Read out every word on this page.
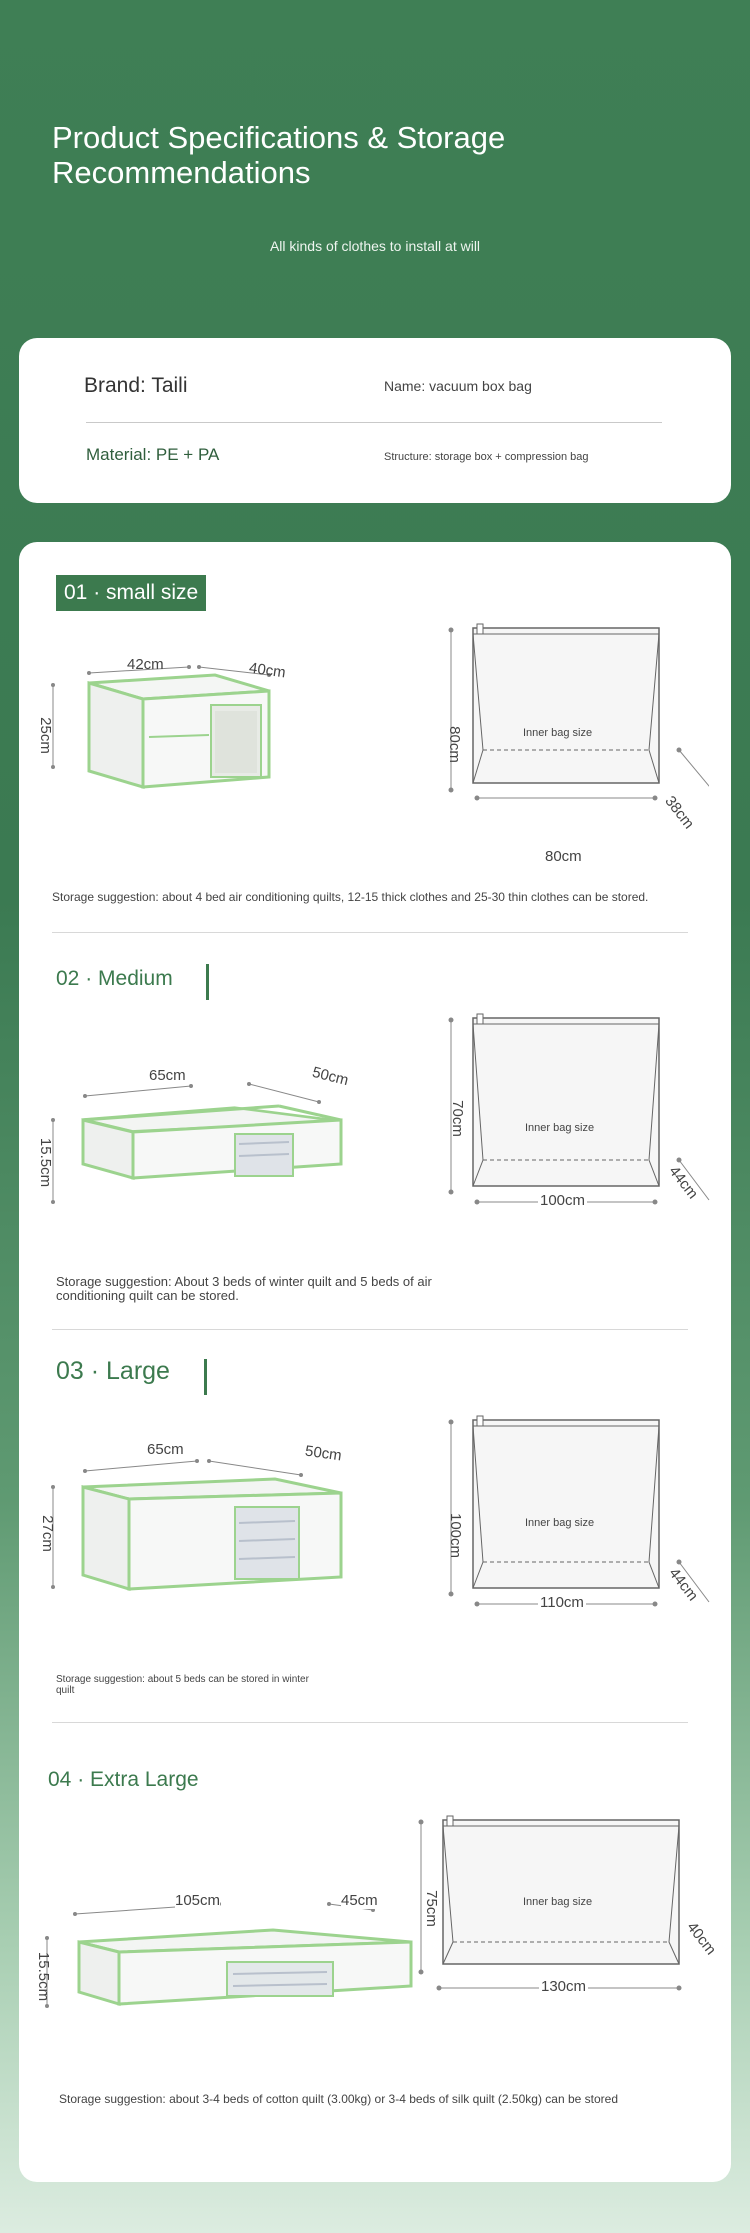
Product Specifications & Storage Recommendations
All kinds of clothes to install at will
Brand: Taili	Name: vacuum box bag
Material: PE + PA	Structure: storage box + compression bag
01 · small size
42cm	40cm
25cm	80cm	Inner bag size
80cm
38cm
Storage suggestion: about 4 bed air conditioning quilts, 12-15 thick clothes and 25-30 thin clothes can be stored.
02 · Medium
65cm	50cm
15.5cm
70cm	Inner bag size
100cm	44cm
Storage suggestion: About 3 beds of winter quilt and 5 beds of air
conditioning quilt can be stored.
03 · Large
65cm	50cm
27cm	100cm	Inner bag size
110cm	44cm
Storage suggestion: about 5 beds can be stored in winter
quilt
04 · Extra Large
105cm	45cm
15.5cm
75cm	Inner bag size
130cm
40cm
Storage suggestion: about 3-4 beds of cotton quilt (3.00kg) or 3-4 beds of silk quilt (2.50kg) can be stored
